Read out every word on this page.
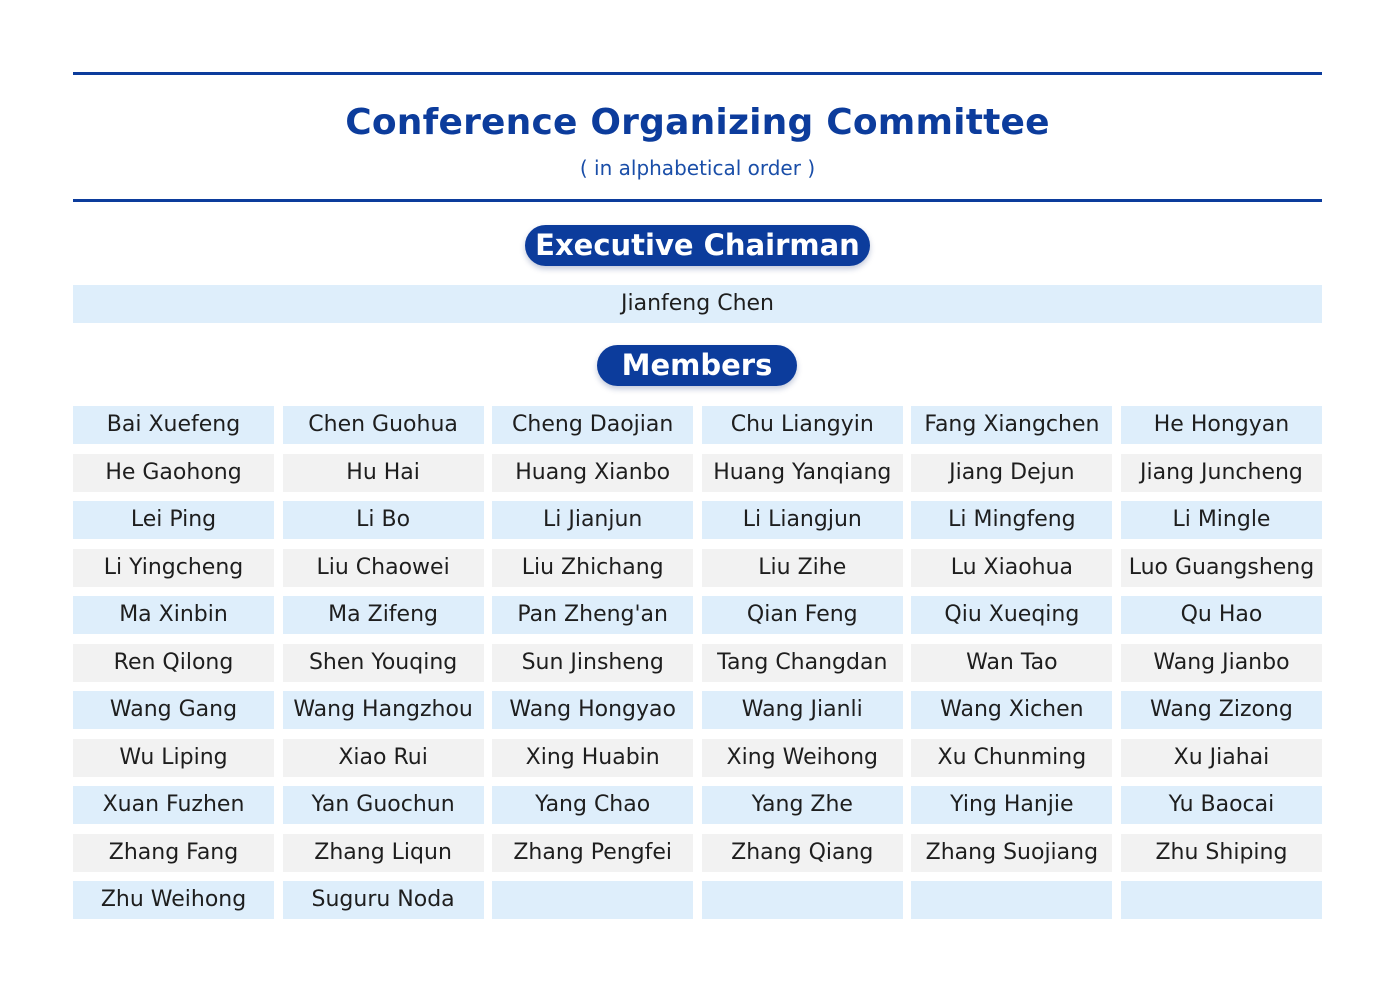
Conference Organizing Committee
( in alphabetical order )
Executive Chairman
Jianfeng Chen
Members
Bai Xuefeng	Chen Guohua	Cheng Daojian	Chu Liangyin	Fang Xiangchen	He Hongyan
He Gaohong	Hu Hai	Huang Xianbo	Huang Yanqiang	Jiang Dejun	Jiang Juncheng
Lei Ping	Li Bo	Li Jianjun	Li Liangjun	Li Mingfeng	Li Mingle
Li Yingcheng	Liu Chaowei	Liu Zhichang	Liu Zihe	Lu Xiaohua	Luo Guangsheng
Ma Xinbin	Ma Zifeng	Pan Zheng'an	Qian Feng	Qiu Xueqing	Qu Hao
Ren Qilong	Shen Youqing	Sun Jinsheng	Tang Changdan	Wan Tao	Wang Jianbo
Wang Gang	Wang Hangzhou	Wang Hongyao	Wang Jianli	Wang Xichen	Wang Zizong
Wu Liping	Xiao Rui	Xing Huabin	Xing Weihong	Xu Chunming	Xu Jiahai
Xuan Fuzhen	Yan Guochun	Yang Chao	Yang Zhe	Ying Hanjie	Yu Baocai
Zhang Fang	Zhang Liqun	Zhang Pengfei	Zhang Qiang	Zhang Suojiang	Zhu Shiping
Zhu Weihong	Suguru Noda
